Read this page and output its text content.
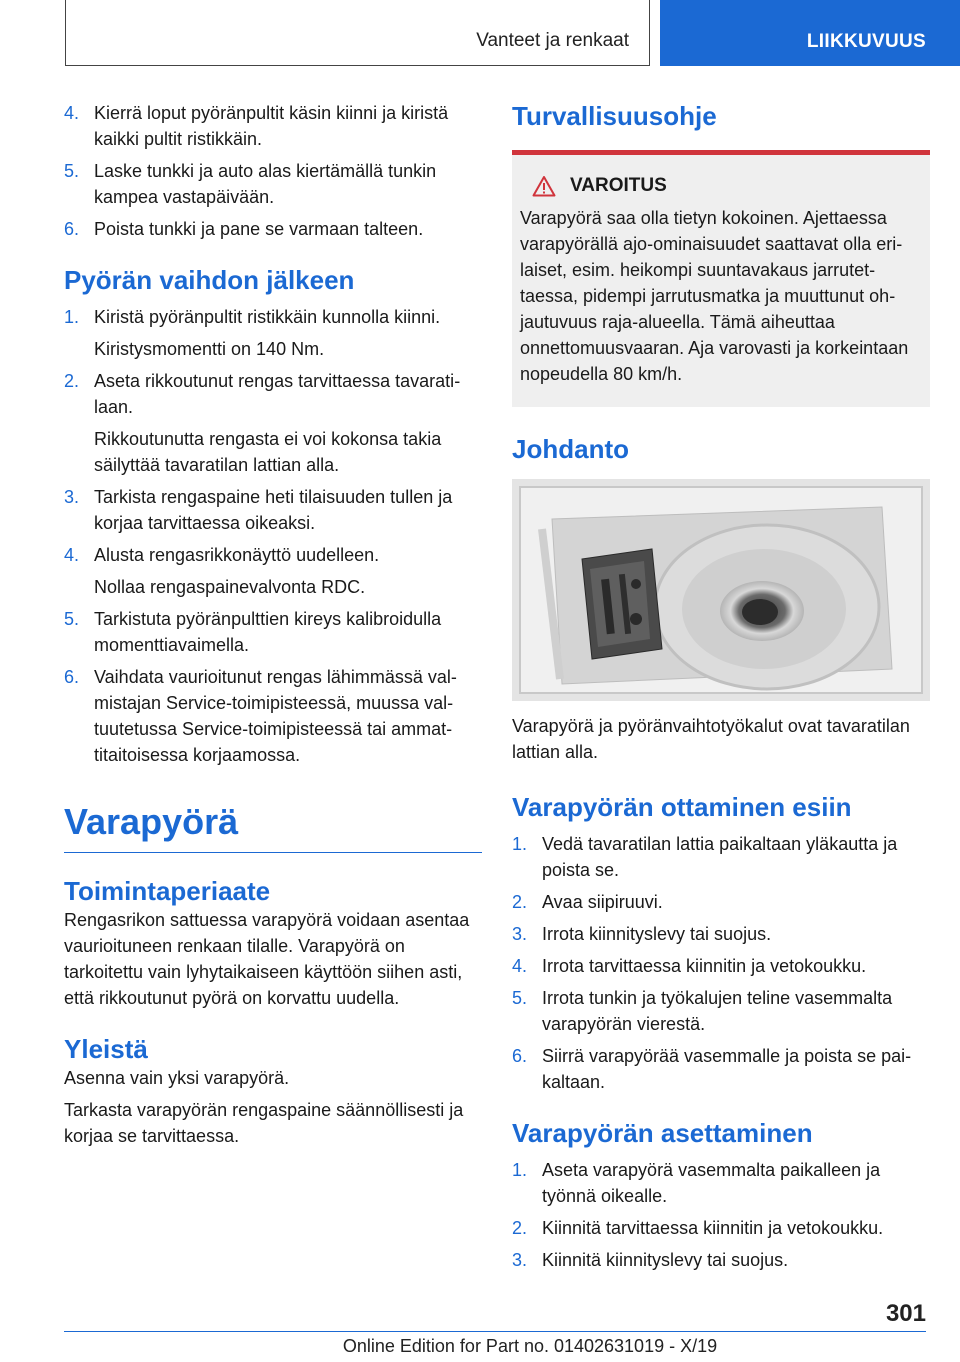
Vanteet ja renkaat	LIIKKUVUUS
4. Kierrä loput pyöränpultit käsin kiinni ja kiristä kaikki pultit ristikkäin.
5. Laske tunkki ja auto alas kiertämällä tunkin kampea vastapäivään.
6. Poista tunkki ja pane se varmaan talteen.
Pyörän vaihdon jälkeen
1. Kiristä pyöränpultit ristikkäin kunnolla kiinni.
Kiristysmomentti on 140 Nm.
2. Aseta rikkoutunut rengas tarvittaessa tavaratilaan.
Rikkoutunutta rengasta ei voi kokonsa takia säilyttää tavaratilan lattian alla.
3. Tarkista rengaspaine heti tilaisuuden tullen ja korjaa tarvittaessa oikeaksi.
4. Alusta rengasrikkonäyttö uudelleen.
Nollaa rengaspainevalvonta RDC.
5. Tarkistuta pyöränpulttien kireys kalibroidulla momenttiavaimella.
6. Vaihdata vaurioitunut rengas lähimmässä valmistajan Service-toimipisteessä, muussa valtuutetussa Service-toimipisteessä tai ammattitaitoisessa korjaamossa.
Varapyörä
Toimintaperiaate

Rengasrikon sattuessa varapyörä voidaan asentaa vaurioituneen renkaan tilalle. Varapyörä on tarkoitettu vain lyhytaikaiseen käyttöön siihen asti, että rikkoutunut pyörä on korvattu uudella.

Yleistä

Asenna vain yksi varapyörä.

Tarkasta varapyörän rengaspaine säännöllisesti ja korjaa se tarvittaessa.

Turvallisuusohje
VAROITUS

Varapyörä saa olla tietyn kokoinen. Ajettaessa varapyörällä ajo-ominaisuudet saattavat olla erilaiset, esim. heikompi suuntavakaus jarrutettaessa, pidempi jarrutusmatka ja muuttunut ohjautuvuus raja-alueella. Tämä aiheuttaa onnettomuusvaaran. Aja varovasti ja korkeintaan nopeudella 80 km/h.

Johdanto

Varapyörä ja pyöränvaihtotyökalut ovat tavaratilan lattian alla.

Varapyörän ottaminen esiin
1. Vedä tavaratilan lattia paikaltaan yläkautta ja poista se.
2. Avaa siipiruuvi.
3. Irrota kiinnityslevy tai suojus.
4. Irrota tarvittaessa kiinnitin ja vetokoukku.
5. Irrota tunkin ja työkalujen teline vasemmalta varapyörän vierestä.
6. Siirrä varapyörää vasemmalle ja poista se paikaltaan.
Varapyörän asettaminen
1. Aseta varapyörä vasemmalta paikalleen ja työnnä oikealle.
2. Kiinnitä tarvittaessa kiinnitin ja vetokoukku.
3. Kiinnitä kiinnityslevy tai suojus.
301
Online Edition for Part no. 01402631019 - X/19
